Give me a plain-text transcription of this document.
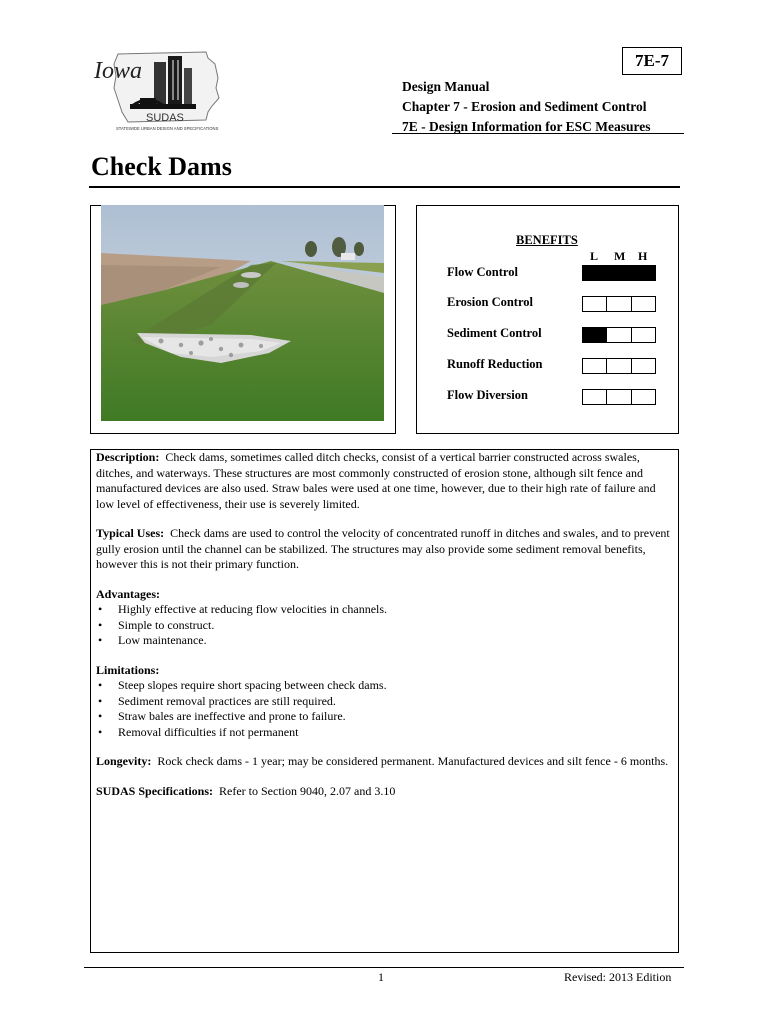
Iowa
SUDAS
STATEWIDE URBAN DESIGN AND SPECIFICATIONS
7E-7
Design Manual
Chapter 7 - Erosion and Sediment Control
7E - Design Information for ESC Measures
Check Dams
BENEFITS
L M H
Flow Control
Erosion Control
Sediment Control
Runoff Reduction
Flow Diversion

Description: Check dams, sometimes called ditch checks, consist of a vertical barrier constructed across swales, ditches, and waterways. These structures are most commonly constructed of erosion stone, although silt fence and manufactured devices are also used. Straw bales were used at one time, however, due to their high rate of failure and low level of effectiveness, their use is severely limited.

Typical Uses: Check dams are used to control the velocity of concentrated runoff in ditches and swales, and to prevent gully erosion until the channel can be stabilized. The structures may also provide some sediment removal benefits, however this is not their primary function.

Advantages:
• Highly effective at reducing flow velocities in channels.
• Simple to construct.
• Low maintenance.
Limitations:
• Steep slopes require short spacing between check dams.
• Sediment removal practices are still required.
• Straw bales are ineffective and prone to failure.
• Removal difficulties if not permanent

Longevity: Rock check dams - 1 year; may be considered permanent. Manufactured devices and silt fence - 6 months.

SUDAS Specifications: Refer to Section 9040, 2.07 and 3.10

1	Revised: 2013 Edition
